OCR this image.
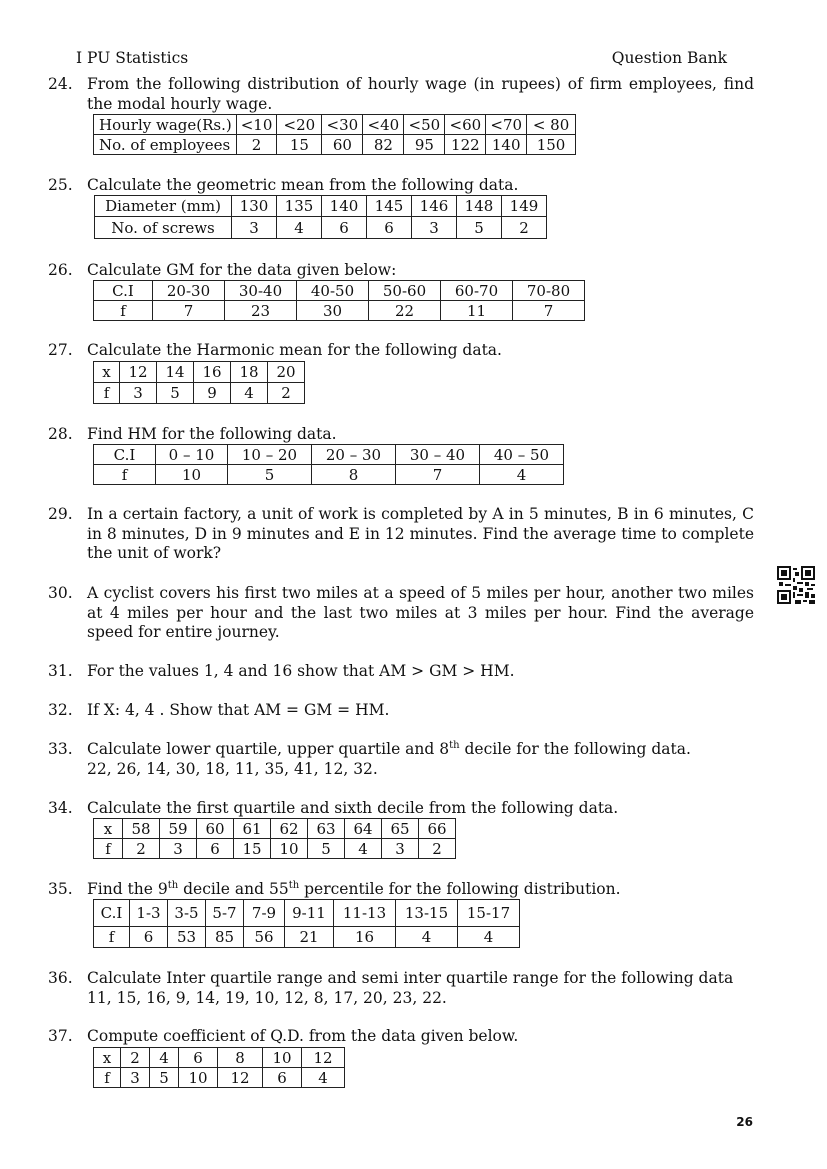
I PU Statistics	Question Bank
24. From the following distribution of hourly wage (in rupees) of firm employees, find the modal hourly wage.
Hourly wage(Rs.)	<10	<20	<30	<40	<50	<60	<70	< 80
No. of employees	2	15	60	82	95	122	140	150
25. Calculate the geometric mean from the following data.
Diameter (mm)	130	135	140	145	146	148	149
No. of screws	3	4	6	6	3	5	2
26. Calculate GM for the data given below:
C.I	20-30	30-40	40-50	50-60	60-70	70-80
f	7	23	30	22	11	7
27. Calculate the Harmonic mean for the following data.
x	12	14	16	18	20
f	3	5	9	4	2
28. Find HM for the following data.
C.I	0 – 10	10 – 20	20 – 30	30 – 40	40 – 50
f	10	5	8	7	4
29. In a certain factory, a unit of work is completed by A in 5 minutes, B in 6 minutes, C in 8 minutes, D in 9 minutes and E in 12 minutes. Find the average time to complete the unit of work?
30. A cyclist covers his first two miles at a speed of 5 miles per hour, another two miles at 4 miles per hour and the last two miles at 3 miles per hour. Find the average speed for entire journey.
31. For the values 1, 4 and 16 show that AM > GM > HM.
32. If X: 4, 4 . Show that AM = GM = HM.
33. Calculate lower quartile, upper quartile and 8th decile for the following data.
22, 26, 14, 30, 18, 11, 35, 41, 12, 32.
34. Calculate the first quartile and sixth decile from the following data.
x	58	59	60	61	62	63	64	65	66
f	2	3	6	15	10	5	4	3	2
35. Find the 9th decile and 55th percentile for the following distribution.
C.I	1-3	3-5	5-7	7-9	9-11	11-13	13-15	15-17
f	6	53	85	56	21	16	4	4
36. Calculate Inter quartile range and semi inter quartile range for the following data
11, 15, 16, 9, 14, 19, 10, 12, 8, 17, 20, 23, 22.
37. Compute coefficient of Q.D. from the data given below.
x	2	4	6	8	10	12
f	3	5	10	12	6	4
26
